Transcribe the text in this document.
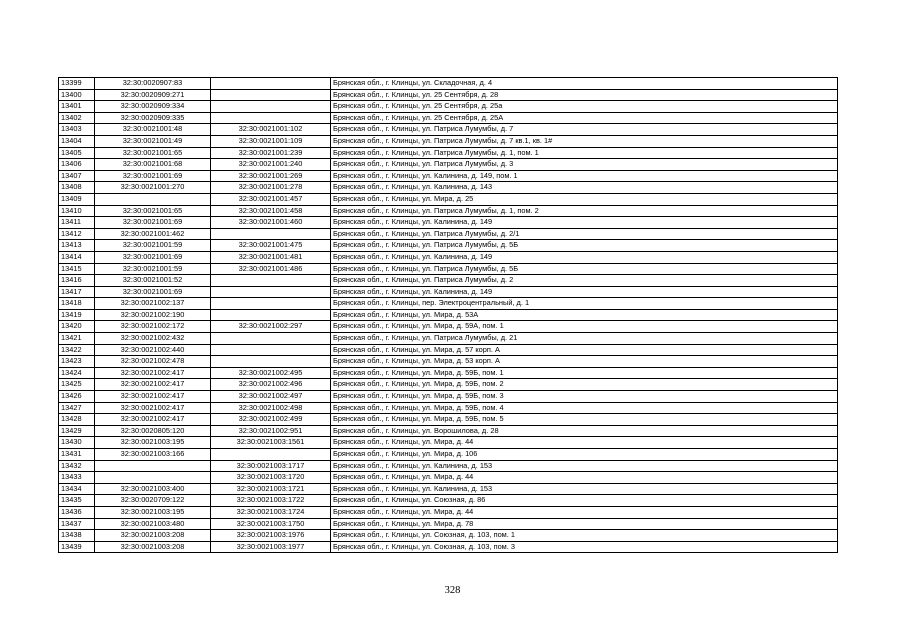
13399	32:30:0020907:83		Брянская обл., г. Клинцы, ул. Складочная, д. 4
13400	32:30:0020909:271		Брянская обл., г. Клинцы, ул. 25 Сентября, д. 28
13401	32:30:0020909:334		Брянская обл., г. Клинцы, ул. 25 Сентября, д. 25а
13402	32:30:0020909:335		Брянская обл., г. Клинцы, ул. 25 Сентября, д. 25А
13403	32:30:0021001:48	32:30:0021001:102	Брянская обл., г. Клинцы, ул. Патриса Лумумбы, д. 7
13404	32:30:0021001:49	32:30:0021001:109	Брянская обл., г. Клинцы, ул. Патриса Лумумбы, д. 7 кв.1, кв. 1#
13405	32:30:0021001:65	32:30:0021001:239	Брянская обл., г. Клинцы, ул. Патриса Лумумбы, д. 1, пом. 1
13406	32:30:0021001:68	32:30:0021001:240	Брянская обл., г. Клинцы, ул. Патриса Лумумбы, д. 3
13407	32:30:0021001:69	32:30:0021001:269	Брянская обл., г. Клинцы, ул. Калинина, д. 149, пом. 1
13408	32:30:0021001:270	32:30:0021001:278	Брянская обл., г. Клинцы, ул. Калинина, д. 143
13409		32:30:0021001:457	Брянская обл., г. Клинцы, ул. Мира, д. 25
13410	32:30:0021001:65	32:30:0021001:458	Брянская обл., г. Клинцы, ул. Патриса Лумумбы, д. 1, пом. 2
13411	32:30:0021001:69	32:30:0021001:460	Брянская обл., г. Клинцы, ул. Калинина, д. 149
13412	32:30:0021001:462		Брянская обл., г. Клинцы, ул. Патриса Лумумбы, д. 2/1
13413	32:30:0021001:59	32:30:0021001:475	Брянская обл., г. Клинцы, ул. Патриса Лумумбы, д. 5Б
13414	32:30:0021001:69	32:30:0021001:481	Брянская обл., г. Клинцы, ул. Калинина, д. 149
13415	32:30:0021001:59	32:30:0021001:486	Брянская обл., г. Клинцы, ул. Патриса Лумумбы, д. 5Б
13416	32:30:0021001:52		Брянская обл., г. Клинцы, ул. Патриса Лумумбы, д. 2
13417	32:30:0021001:69		Брянская обл., г. Клинцы, ул. Калинина, д. 149
13418	32:30:0021002:137		Брянская обл., г. Клинцы, пер. Электроцентральный, д. 1
13419	32:30:0021002:190		Брянская обл., г. Клинцы, ул. Мира, д. 53А
13420	32:30:0021002:172	32:30:0021002:297	Брянская обл., г. Клинцы, ул. Мира, д. 59А, пом. 1
13421	32:30:0021002:432		Брянская обл., г. Клинцы, ул. Патриса Лумумбы, д. 21
13422	32:30:0021002:440		Брянская обл., г. Клинцы, ул. Мира, д. 57 корп. А
13423	32:30:0021002:478		Брянская обл., г. Клинцы, ул. Мира, д. 53 корп. А
13424	32:30:0021002:417	32:30:0021002:495	Брянская обл., г. Клинцы, ул. Мира, д. 59Б, пом. 1
13425	32:30:0021002:417	32:30:0021002:496	Брянская обл., г. Клинцы, ул. Мира, д. 59Б, пом. 2
13426	32:30:0021002:417	32:30:0021002:497	Брянская обл., г. Клинцы, ул. Мира, д. 59Б, пом. 3
13427	32:30:0021002:417	32:30:0021002:498	Брянская обл., г. Клинцы, ул. Мира, д. 59Б, пом. 4
13428	32:30:0021002:417	32:30:0021002:499	Брянская обл., г. Клинцы, ул. Мира, д. 59Б, пом. 5
13429	32:30:0020805:120	32:30:0021002:951	Брянская обл., г. Клинцы, ул. Ворошилова, д. 28
13430	32:30:0021003:195	32:30:0021003:1561	Брянская обл., г. Клинцы, ул. Мира, д. 44
13431	32:30:0021003:166		Брянская обл., г. Клинцы, ул. Мира, д. 106
13432		32:30:0021003:1717	Брянская обл., г. Клинцы, ул. Калинина, д. 153
13433		32:30:0021003:1720	Брянская обл., г. Клинцы, ул. Мира, д. 44
13434	32:30:0021003:400	32:30:0021003:1721	Брянская обл., г. Клинцы, ул. Калинина, д. 153
13435	32:30:0020709:122	32:30:0021003:1722	Брянская обл., г. Клинцы, ул. Союзная, д. 86
13436	32:30:0021003:195	32:30:0021003:1724	Брянская обл., г. Клинцы, ул. Мира, д. 44
13437	32:30:0021003:480	32:30:0021003:1750	Брянская обл., г. Клинцы, ул. Мира, д. 78
13438	32:30:0021003:208	32:30:0021003:1976	Брянская обл., г. Клинцы, ул. Союзная, д. 103, пом. 1
13439	32:30:0021003:208	32:30:0021003:1977	Брянская обл., г. Клинцы, ул. Союзная, д. 103, пом. 3
328
